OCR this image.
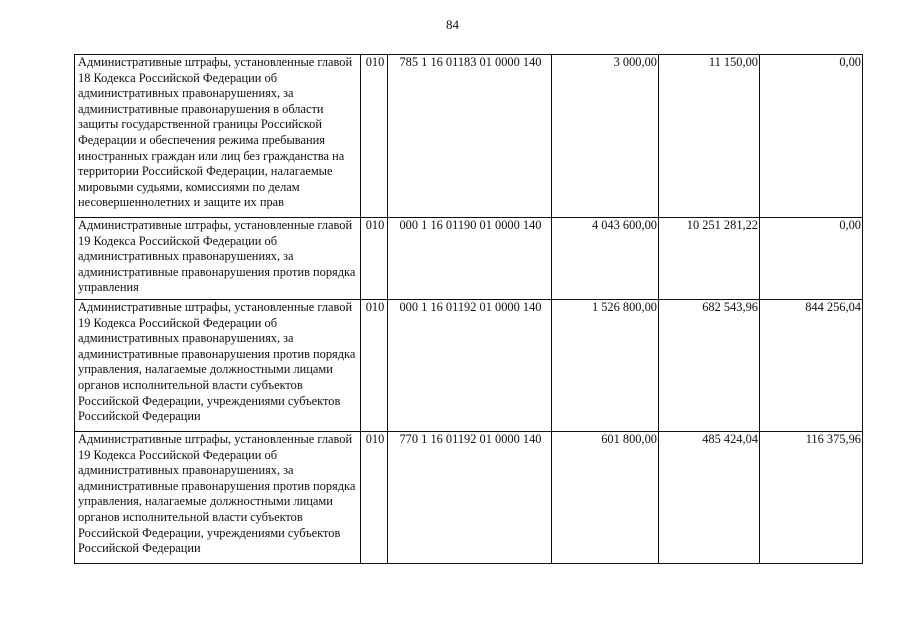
84
Административные штрафы, установленные главой 18 Кодекса Российской Федерации об административных правонарушениях, за административные правонарушения в области защиты государственной границы Российской Федерации и обеспечения режима пребывания иностранных граждан или лиц без гражданства на территории Российской Федерации, налагаемые мировыми судьями, комиссиями по делам несовершеннолетних и защите их прав	010	785 1 16 01183 01 0000 140	3 000,00	11 150,00	0,00
Административные штрафы, установленные главой 19 Кодекса Российской Федерации об административных правонарушениях, за административные правонарушения против порядка управления	010	000 1 16 01190 01 0000 140	4 043 600,00	10 251 281,22	0,00
Административные штрафы, установленные главой 19 Кодекса Российской Федерации об административных правонарушениях, за административные правонарушения против порядка управления, налагаемые должностными лицами органов исполнительной власти субъектов Российской Федерации, учреждениями субъектов Российской Федерации	010	000 1 16 01192 01 0000 140	1 526 800,00	682 543,96	844 256,04
Административные штрафы, установленные главой 19 Кодекса Российской Федерации об административных правонарушениях, за административные правонарушения против порядка управления, налагаемые должностными лицами органов исполнительной власти субъектов Российской Федерации, учреждениями субъектов Российской Федерации	010	770 1 16 01192 01 0000 140	601 800,00	485 424,04	116 375,96
